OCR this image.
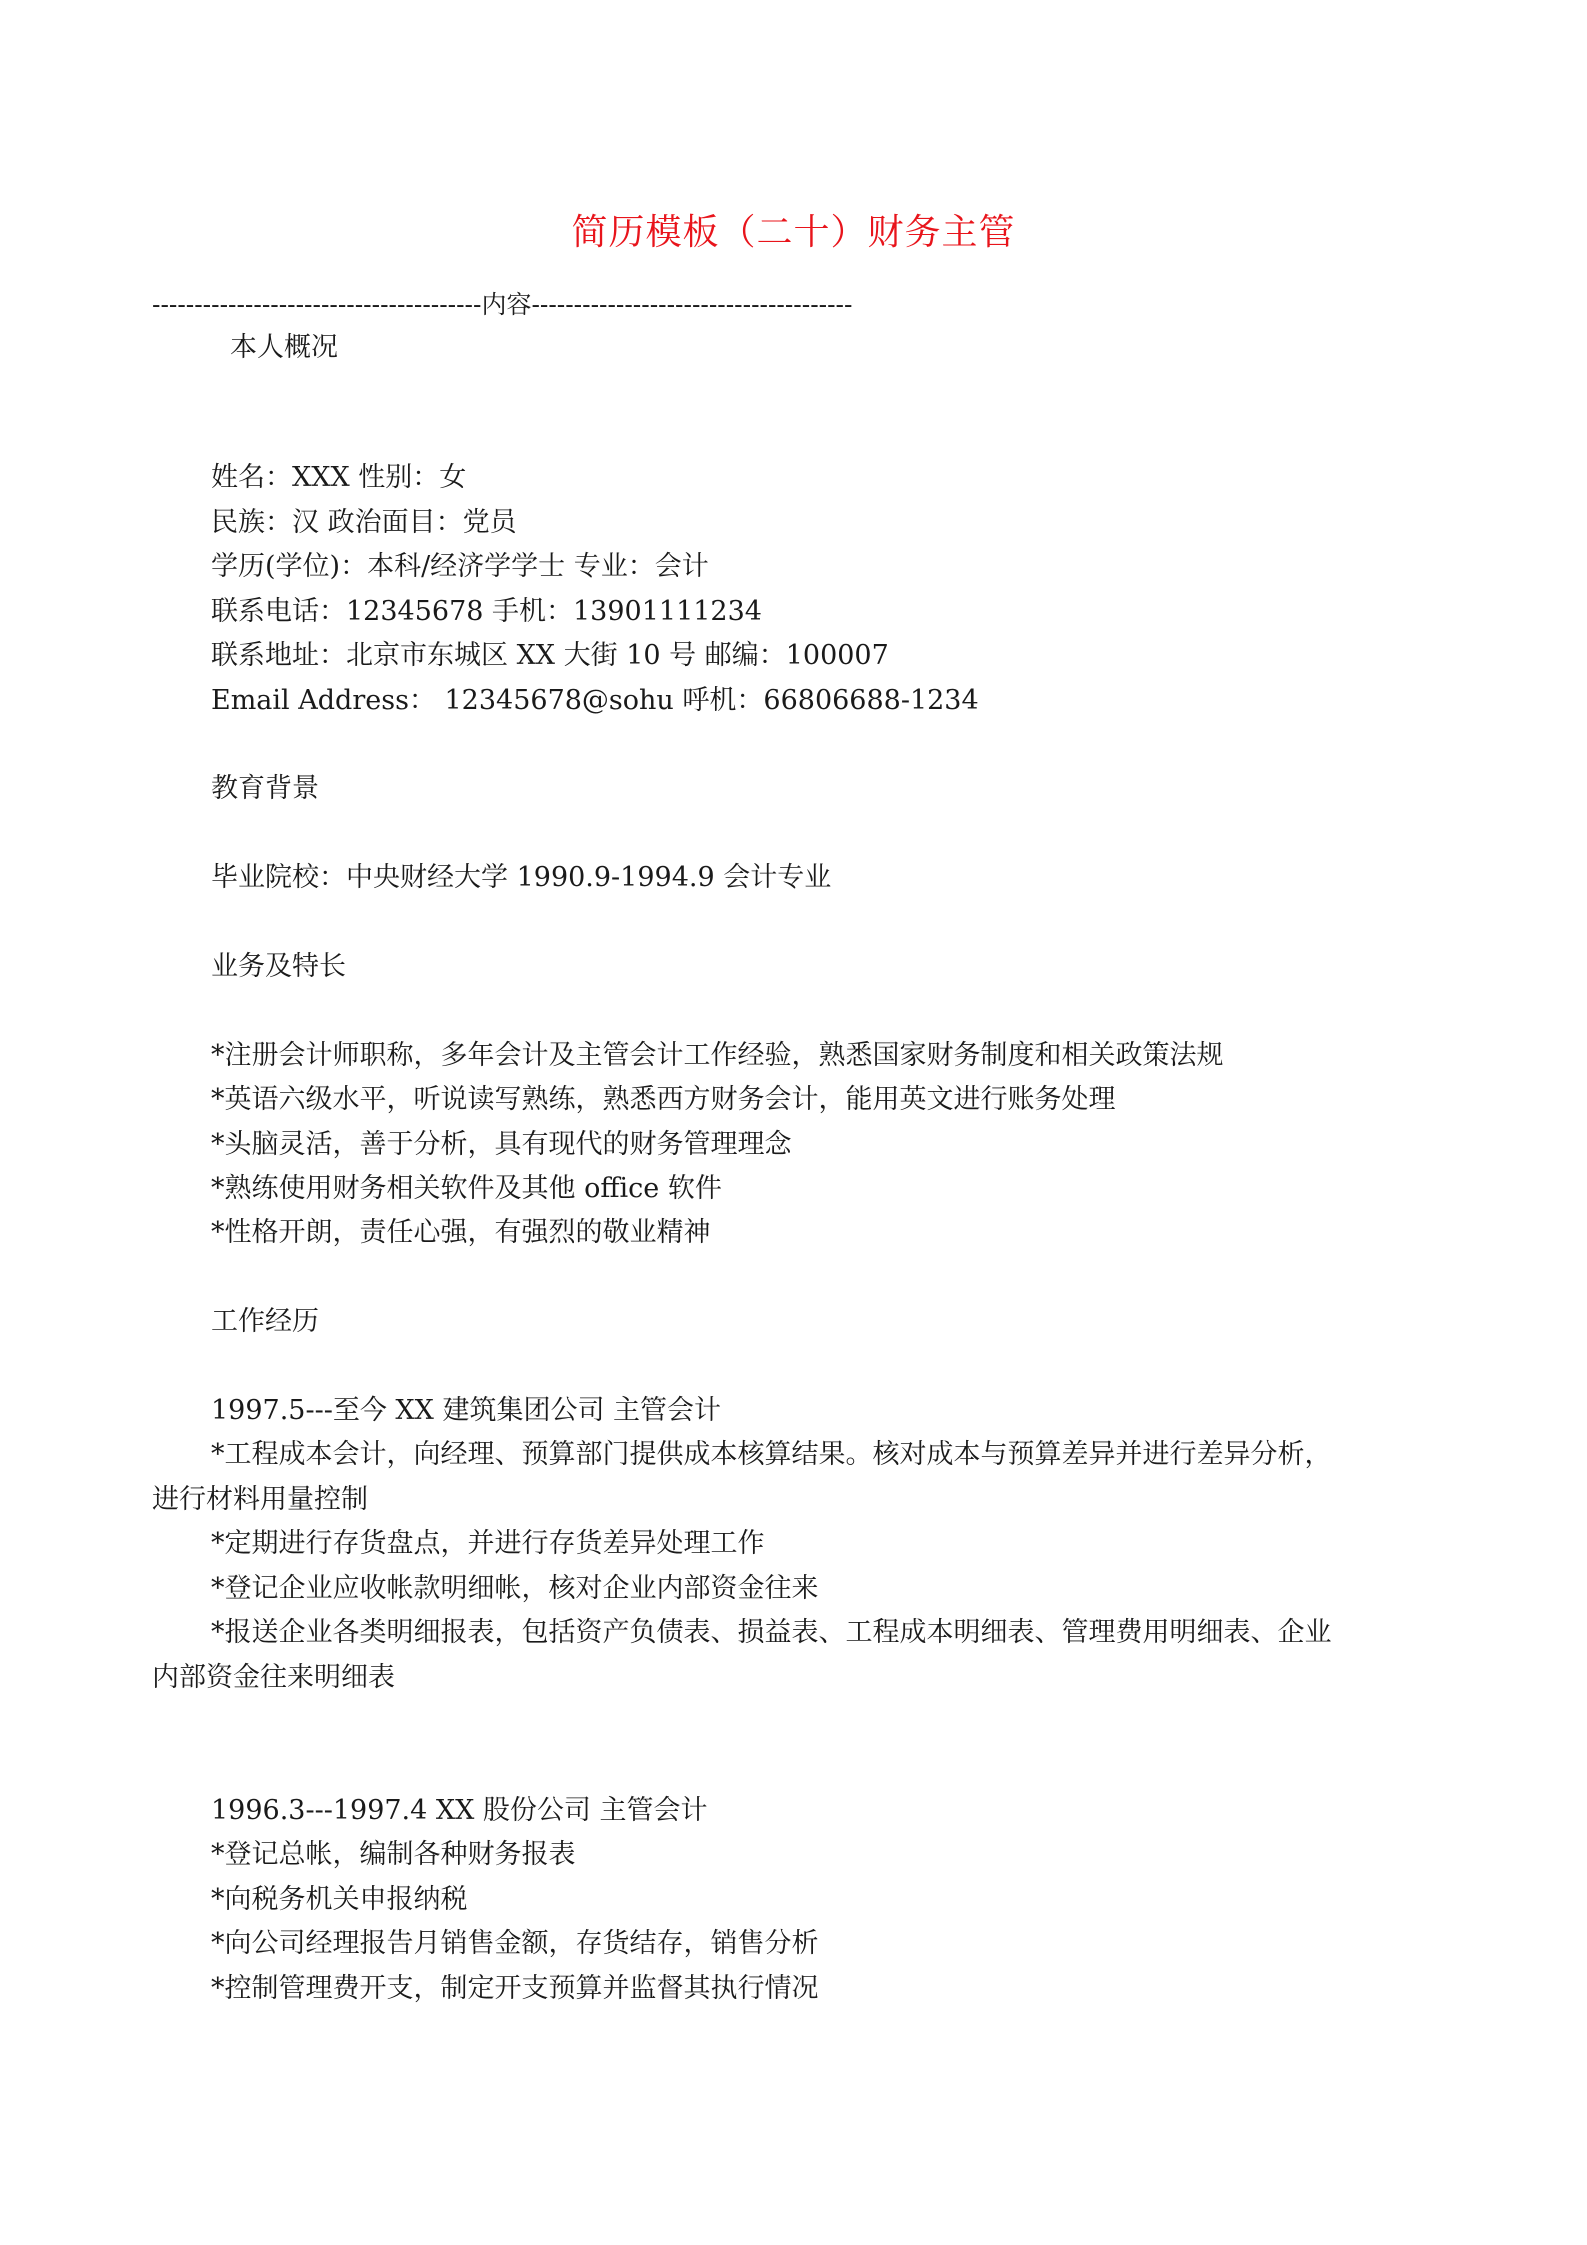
简历模板（二十）财务主管
---------------------------------------内容--------------------------------------
本人概况
姓名：XXX 性别：女
民族：汉 政治面目：党员
学历(学位)：本科/经济学学士 专业：会计
联系电话：12345678 手机：13901111234
联系地址：北京市东城区 XX 大街 10 号 邮编：100007
Email Address： 12345678@sohu 呼机：66806688-1234
教育背景
毕业院校：中央财经大学 1990.9-1994.9 会计专业
业务及特长
*注册会计师职称，多年会计及主管会计工作经验，熟悉国家财务制度和相关政策法规
*英语六级水平，听说读写熟练，熟悉西方财务会计，能用英文进行账务处理
*头脑灵活，善于分析，具有现代的财务管理理念
*熟练使用财务相关软件及其他 office 软件
*性格开朗，责任心强，有强烈的敬业精神
工作经历
1997.5---至今 XX 建筑集团公司 主管会计
*工程成本会计，向经理、预算部门提供成本核算结果。核对成本与预算差异并进行差异分析，
进行材料用量控制
*定期进行存货盘点，并进行存货差异处理工作
*登记企业应收帐款明细帐，核对企业内部资金往来
*报送企业各类明细报表，包括资产负债表、损益表、工程成本明细表、管理费用明细表、企业
内部资金往来明细表
1996.3---1997.4 XX 股份公司 主管会计
*登记总帐，编制各种财务报表
*向税务机关申报纳税
*向公司经理报告月销售金额，存货结存，销售分析
*控制管理费开支，制定开支预算并监督其执行情况
